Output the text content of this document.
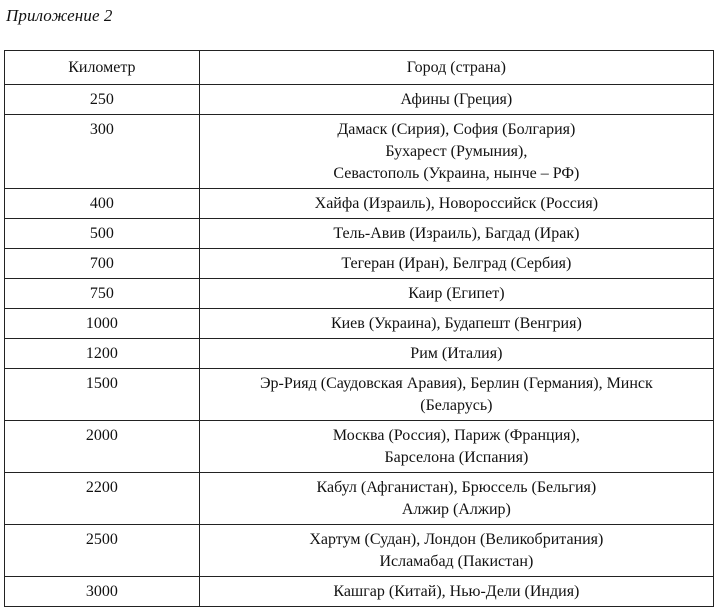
Приложение 2
Километр	Город (страна)
250	Афины (Греция)

300	Дамаск (Сирия), София (Болгария)
Бухарест (Румыния),
Севастополь (Украина, нынче – РФ)

400	Хайфа (Израиль), Новороссийск (Россия)

500	Тель-Авив (Израиль), Багдад (Ирак)

700	Тегеран (Иран), Белград (Сербия)

750	Каир (Египет)

1000	Киев (Украина), Будапешт (Венгрия)

1200	Рим (Италия)

1500	Эр-Рияд (Саудовская Аравия), Берлин (Германия), Минск
(Беларусь)

2000	Москва (Россия), Париж (Франция),
Барселона (Испания)

2200	Кабул (Афганистан), Брюссель (Бельгия)
Алжир (Алжир)

2500	Хартум (Судан), Лондон (Великобритания)
Исламабад (Пакистан)

3000	Кашгар (Китай), Нью-Дели (Индия)
